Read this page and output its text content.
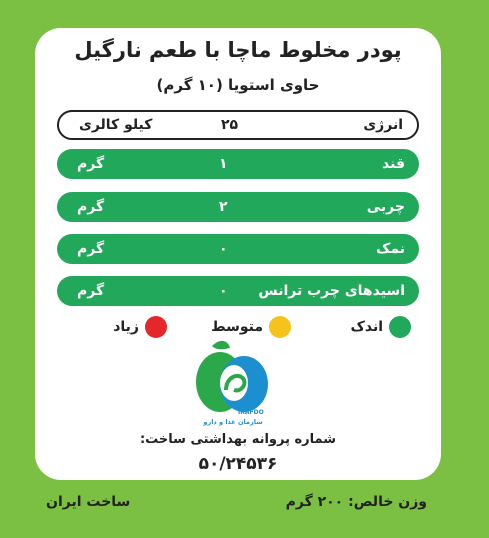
پودر مخلوط ماچا با طعم نارگیل
حاوی استویا (۱۰ گرم)
انرژی
۲۵
کیلو کالری
قند
۱
گرم
چربی
۲
گرم
نمک
۰
گرم
اسیدهای چرب ترانس
۰
گرم
اندک
متوسط
زیاد
IRAFDO
سازمان غذا و دارو
شماره پروانه بهداشتی ساخت:
۵۰/۲۴۵۳۶
وزن خالص: ۲۰۰ گرم
ساخت ایران
